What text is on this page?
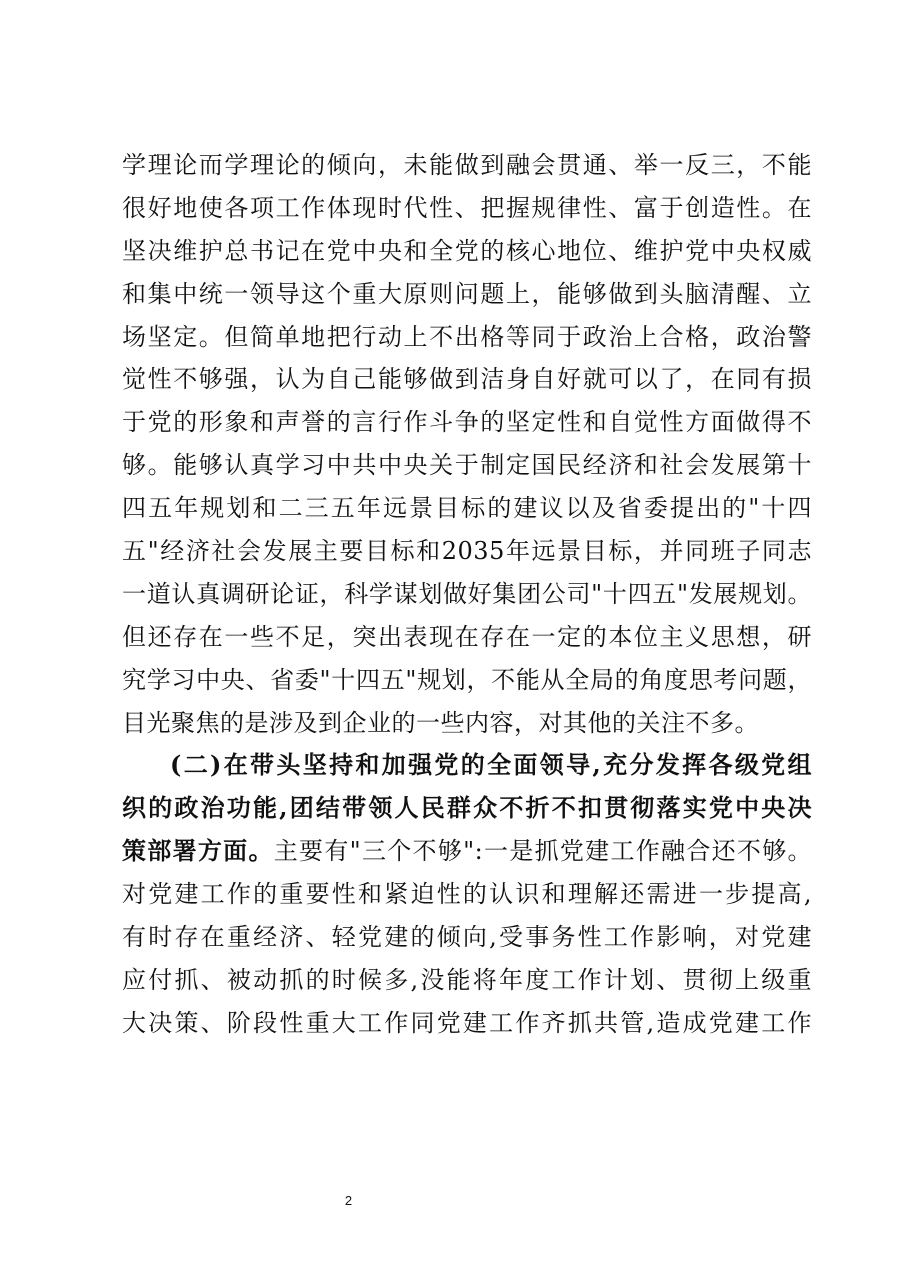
学理论而学理论的倾向，未能做到融会贯通、举一反三，不能
很好地使各项工作体现时代性、把握规律性、富于创造性。在
坚决维护总书记在党中央和全党的核心地位、维护党中央权威
和集中统一领导这个重大原则问题上，能够做到头脑清醒、立
场坚定。但简单地把行动上不出格等同于政治上合格，政治警
觉性不够强，认为自己能够做到洁身自好就可以了，在同有损
于党的形象和声誉的言行作斗争的坚定性和自觉性方面做得不
够。能够认真学习中共中央关于制定国民经济和社会发展第十
四五年规划和二三五年远景目标的建议以及省委提出的"十四
五"经济社会发展主要目标和2035年远景目标，并同班子同志
一道认真调研论证，科学谋划做好集团公司"十四五"发展规划。
但还存在一些不足，突出表现在存在一定的本位主义思想，研
究学习中央、省委"十四五"规划，不能从全局的角度思考问题，
目光聚焦的是涉及到企业的一些内容，对其他的关注不多。
(二)在带头坚持和加强党的全面领导,充分发挥各级党组
织的政治功能,团结带领人民群众不折不扣贯彻落实党中央决
策部署方面。主要有"三个不够":一是抓党建工作融合还不够。
对党建工作的重要性和紧迫性的认识和理解还需进一步提高,
有时存在重经济、轻党建的倾向,受事务性工作影响，对党建
应付抓、被动抓的时候多,没能将年度工作计划、贯彻上级重
大决策、阶段性重大工作同党建工作齐抓共管,造成党建工作
2
